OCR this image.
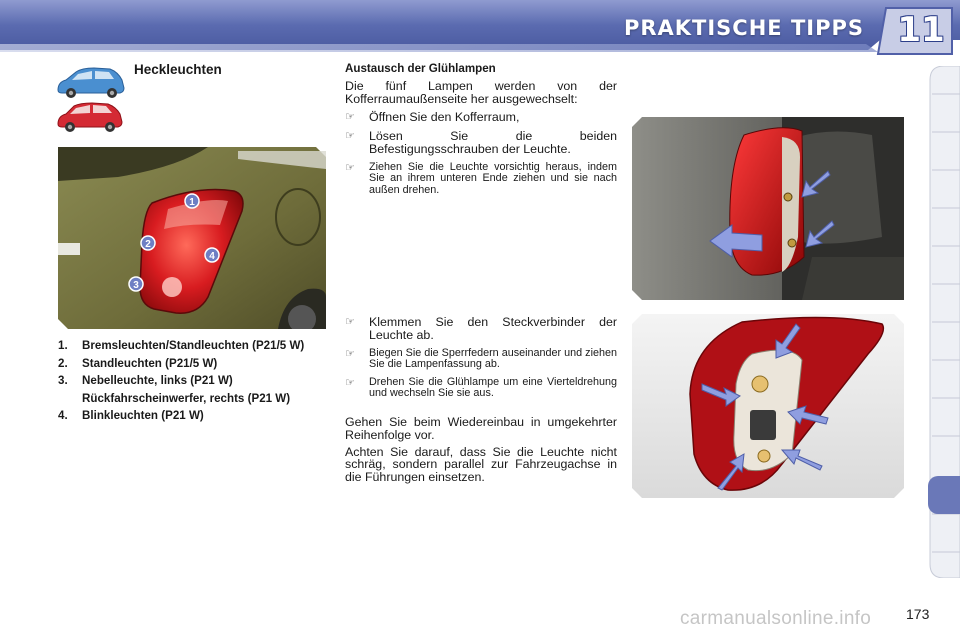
PRAKTISCHE TIPPS 11
Heckleuchten
1
2
3
4
1.	Bremsleuchten/Standleuchten (P21/5 W)
2.	Standleuchten (P21/5 W)
3.	Nebelleuchte, links (P21 W)
Rückfahrscheinwerfer, rechts (P21 W)
4.	Blinkleuchten (P21 W)
Austausch der Glühlampen
Die fünf Lampen werden von der Kofferraumaußenseite her ausgewechselt:
☞	Öffnen Sie den Kofferraum,
☞	Lösen Sie die beiden Befestigungsschrauben der Leuchte.
☞	Ziehen Sie die Leuchte vorsichtig heraus, indem Sie an ihrem unteren Ende ziehen und sie nach außen drehen.
☞	Klemmen Sie den Steckverbinder der Leuchte ab.
☞	Biegen Sie die Sperrfedern auseinander und ziehen Sie die Lampenfassung ab.
☞	Drehen Sie die Glühlampe um eine Vierteldrehung und wechseln Sie sie aus.
Gehen Sie beim Wiedereinbau in umgekehrter Reihenfolge vor.
Achten Sie darauf, dass Sie die Leuchte nicht schräg, sondern parallel zur Fahrzeugachse in die Führungen einsetzen.
carmanualsonline.info 173
